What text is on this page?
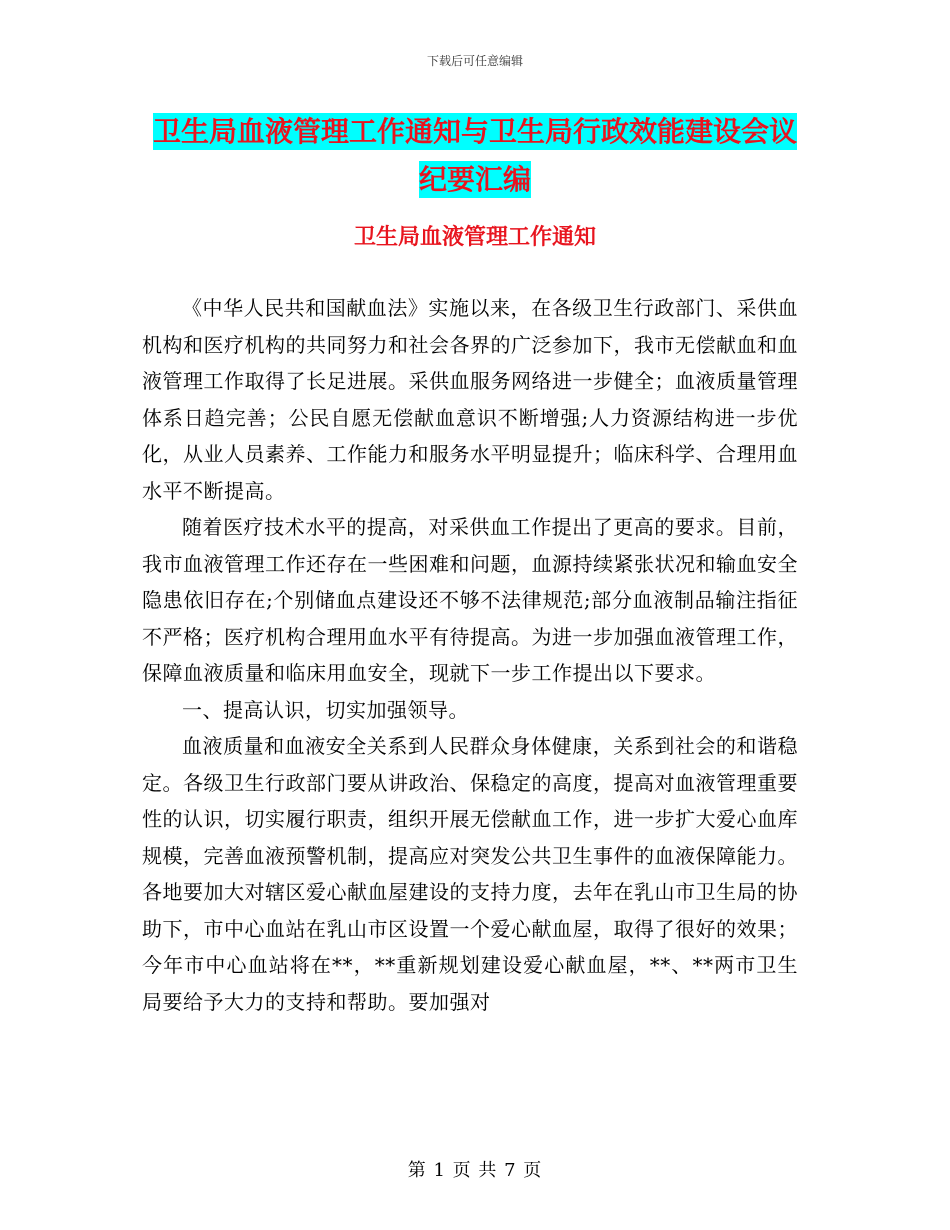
下载后可任意编辑
卫生局血液管理工作通知与卫生局行政效能建设会议
纪要汇编
卫生局血液管理工作通知

《中华人民共和国献血法》实施以来，在各级卫生行政部门、采供血机构和医疗机构的共同努力和社会各界的广泛参加下，我市无偿献血和血液管理工作取得了长足进展。采供血服务网络进一步健全；血液质量管理体系日趋完善；公民自愿无偿献血意识不断增强;人力资源结构进一步优化，从业人员素养、工作能力和服务水平明显提升；临床科学、合理用血水平不断提高。

随着医疗技术水平的提高，对采供血工作提出了更高的要求。目前，我市血液管理工作还存在一些困难和问题，血源持续紧张状况和输血安全隐患依旧存在;个别储血点建设还不够不法律规范;部分血液制品输注指征不严格；医疗机构合理用血水平有待提高。为进一步加强血液管理工作，保障血液质量和临床用血安全，现就下一步工作提出以下要求。

一、提高认识，切实加强领导。

血液质量和血液安全关系到人民群众身体健康，关系到社会的和谐稳定。各级卫生行政部门要从讲政治、保稳定的高度，提高对血液管理重要性的认识，切实履行职责，组织开展无偿献血工作，进一步扩大爱心血库规模，完善血液预警机制，提高应对突发公共卫生事件的血液保障能力。各地要加大对辖区爱心献血屋建设的支持力度，去年在乳山市卫生局的协助下，市中心血站在乳山市区设置一个爱心献血屋，取得了很好的效果；今年市中心血站将在**，**重新规划建设爱心献血屋，**、**两市卫生局要给予大力的支持和帮助。要加强对

第 1 页 共 7 页
